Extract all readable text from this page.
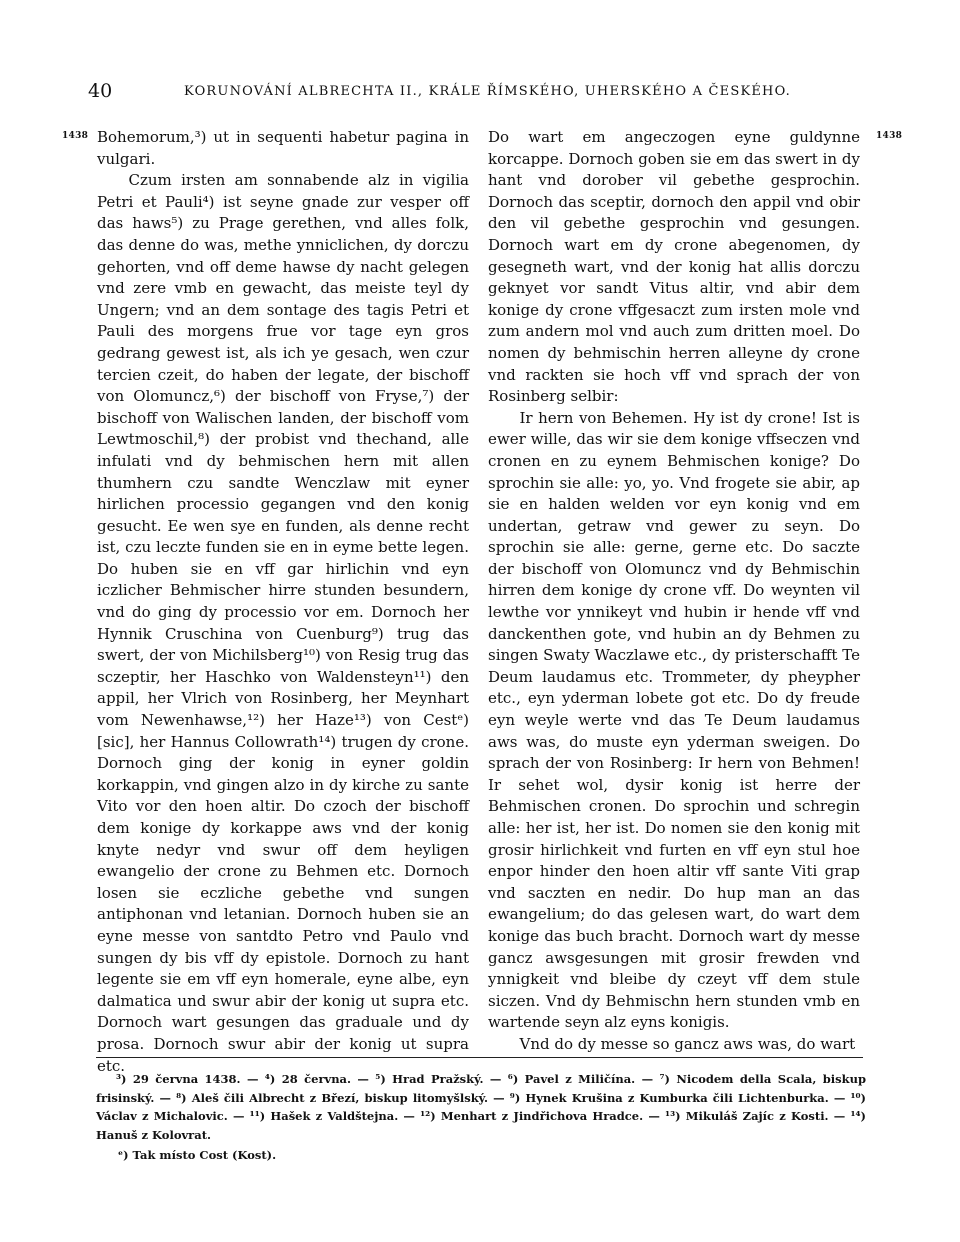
40	KORUNOVÁNÍ ALBRECHTA II., KRÁLE ŘÍMSKÉHO, UHERSKÉHO A ČESKÉHO.
1438	1438

Bohemorum,³) ut in sequenti habetur pagina in vulgari.

Czum irsten am sonnabende alz in vigilia Petri et Pauli⁴) ist seyne gnade zur vesper off das haws⁵) zu Prage gerethen, vnd alles folk, das denne do was, methe ynniclichen, dy dorczu gehorten, vnd off deme hawse dy nacht gelegen vnd zere vmb en gewacht, das meiste teyl dy Ungern; vnd an dem sontage des tagis Petri et Pauli des morgens frue vor tage eyn gros gedrang gewest ist, als ich ye gesach, wen czur tercien czeit, do haben der legate, der bischoff von Olomuncz,⁶) der bischoff von Fryse,⁷) der bischoff von Walischen landen, der bischoff vom Lewtmoschil,⁸) der probist vnd thechand, alle infulati vnd dy behmischen hern mit allen thumhern czu sandte Wenczlaw mit eyner hirlichen processio gegangen vnd den konig gesucht. Ee wen sye en funden, als denne recht ist, czu leczte funden sie en in eyme bette legen. Do huben sie en vff gar hirlichin vnd eyn iczlicher Behmischer hirre stunden besundern, vnd do ging dy processio vor em. Dornoch her Hynnik Cruschina von Cuenburg⁹) trug das swert, der von Michilsberg¹⁰) von Resig trug das sczeptir, her Haschko von Waldensteyn¹¹) den appil, her Vlrich von Rosinberg, her Meynhart vom Newenhawse,¹²) her Haze¹³) von Cestᵉ) [sic], her Hannus Collowrath¹⁴) trugen dy crone. Dornoch ging der konig in eyner goldin korkappin, vnd gingen alzo in dy kirche zu sante Vito vor den hoen altir. Do czoch der bischoff dem konige dy korkappe aws vnd der konig knyte nedyr vnd swur off dem heyligen ewangelio der crone zu Behmen etc. Dornoch losen sie eczliche gebethe vnd sungen antiphonan vnd letanian. Dornoch huben sie an eyne messe von santdto Petro vnd Paulo vnd sungen dy bis vff dy epistole. Dornoch zu hant legente sie em vff eyn homerale, eyne albe, eyn dalmatica und swur abir der konig ut supra etc. Dornoch wart gesungen das graduale und dy prosa. Dornoch swur abir der konig ut supra etc.

Do wart em angeczogen eyne guldynne korcappe. Dornoch goben sie em das swert in dy hant vnd dorober vil gebethe gesprochin. Dornoch das sceptir, dornoch den appil vnd obir den vil gebethe gesprochin vnd gesungen. Dornoch wart em dy crone abegenomen, dy gesegneth wart, vnd der konig hat allis dorczu geknyet vor sandt Vitus altir, vnd abir dem konige dy crone vffgesaczt zum irsten mole vnd zum andern mol vnd auch zum dritten moel. Do nomen dy behmischin herren alleyne dy crone vnd rackten sie hoch vff vnd sprach der von Rosinberg selbir:

Ir hern von Behemen. Hy ist dy crone! Ist is ewer wille, das wir sie dem konige vffseczen vnd cronen en zu eynem Behmischen konige? Do sprochin sie alle: yo, yo. Vnd frogete sie abir, ap sie en halden welden vor eyn konig vnd em undertan, getraw vnd gewer zu seyn. Do sprochin sie alle: gerne, gerne etc. Do saczte der bischoff von Olomuncz vnd dy Behmischin hirren dem konige dy crone vff. Do weynten vil lewthe vor ynnikeyt vnd hubin ir hende vff vnd danckenthen gote, vnd hubin an dy Behmen zu singen Swaty Waczlawe etc., dy pristerschafft Te Deum laudamus etc. Trommeter, dy pheypher etc., eyn yderman lobete got etc. Do dy freude eyn weyle werte vnd das Te Deum laudamus aws was, do muste eyn yderman sweigen. Do sprach der von Rosinberg: Ir hern von Behmen! Ir sehet wol, dysir konig ist herre der Behmischen cronen. Do sprochin und schregin alle: her ist, her ist. Do nomen sie den konig mit grosir hirlichkeit vnd furten en vff eyn stul hoe enpor hinder den hoen altir vff sante Viti grap vnd saczten en nedir. Do hup man an das ewangelium; do das gelesen wart, do wart dem konige das buch bracht. Dornoch wart dy messe gancz awsgesungen mit grosir frewden vnd ynnigkeit vnd bleibe dy czeyt vff dem stule siczen. Vnd dy Behmischn hern stunden vmb en wartende seyn alz eyns konigis.

Vnd do dy messe so gancz aws was, do wart

³) 29 června 1438. — ⁴) 28 června. — ⁵) Hrad Pražský. — ⁶) Pavel z Miličína. — ⁷) Nicodem della Scala, biskup frisinský. — ⁸) Aleš čili Albrecht z Březí, biskup litomyšlský. — ⁹) Hynek Krušina z Kumburka čili Lichtenburka. — ¹⁰) Václav z Michalovic. — ¹¹) Hašek z Valdštejna. — ¹²) Menhart z Jindřichova Hradce. — ¹³) Mikuláš Zajíc z Kosti. — ¹⁴) Hanuš z Kolovrat.

ᵉ) Tak místo Cost (Kost).
